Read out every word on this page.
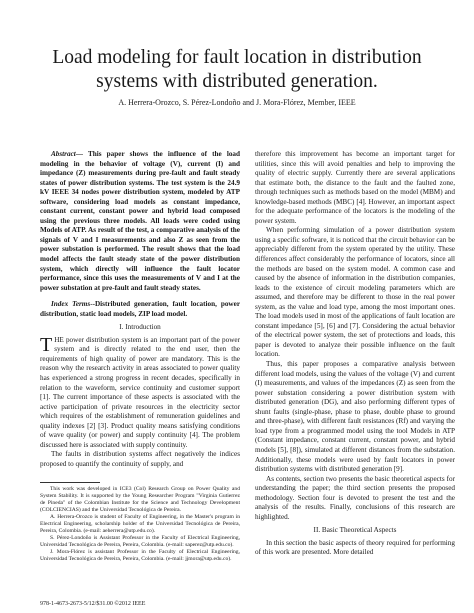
Load modeling for fault location in distribution systems with distributed generation.
A. Herrera-Orozco, S. Pérez-Londoño and J. Mora-Flórez, Member, IEEE

Abstract— This paper shows the influence of the load modeling in the behavior of voltage (V), current (I) and impedance (Z) measurements during pre-fault and fault steady states of power distribution systems. The test system is the 24.9 kV IEEE 34 nodes power distribution system, modeled by ATP software, considering load models as constant impedance, constant current, constant power and hybrid load composed using the previous three models. All loads were coded using Models of ATP. As result of the test, a comparative analysis of the signals of V and I measurements and also Z as seen from the power substation is performed. The result shows that the load model affects the fault steady state of the power distribution system, which directly will influence the fault locator performance, since this uses the measurements of V and I at the power substation at pre-fault and fault steady states.

Index Terms--Distributed generation, fault location, power distribution, static load models, ZIP load model.

I. Introduction

THE power distribution system is an important part of the power system and is directly related to the end user, then the requirements of high quality of power are mandatory. This is the reason why the research activity in areas associated to power quality has experienced a strong progress in recent decades, specifically in relation to the waveform, service continuity and customer support [1]. The current importance of these aspects is associated with the active participation of private resources in the electricity sector which requires of the establishment of remuneration guidelines and quality indexes [2] [3]. Product quality means satisfying conditions of wave quality (or power) and supply continuity [4]. The problem discussed here is associated with supply continuity.

The faults in distribution systems affect negatively the indices proposed to quantify the continuity of supply, and

This work was developed in ICE3 (Col) Research Group on Power Quality and System Stability. It is supported by the Young Researcher Program "Virginia Gutierrez de Pineda" of the Colombian Institute for the Science and Technology Development (COLCIENCIAS) and the Universidad Tecnológica de Pereira.

A. Herrera-Orozco is student of Faculty of Engineering, in the Master's program in Electrical Engineering, scholarship holder of the Universidad Tecnológica de Pereira, Pereira, Colombia. (e-mail: aeherrera@utp.edu.co).

S. Pérez-Londoño is Assistant Professor in the Faculty of Electrical Engineering, Universidad Tecnológica de Pereira, Pereira, Colombia. (e-mail: saperez@utp.edu.co).

J. Mora-Flórez is assistant Professor in the Faculty of Electrical Engineering, Universidad Tecnológica de Pereira, Pereira, Colombia. (e-mail: jjmora@utp.edu.co).

978-1-4673-2673-5/12/$31.00 ©2012 IEEE

therefore this improvement has become an important target for utilities, since this will avoid penalties and help to improving the quality of electric supply. Currently there are several applications that estimate both, the distance to the fault and the faulted zone, through techniques such as methods based on the model (MBM) and knowledge-based methods (MBC) [4]. However, an important aspect for the adequate performance of the locators is the modeling of the power system.

When performing simulation of a power distribution system using a specific software, it is noticed that the circuit behavior can be appreciably different from the system operated by the utility. These differences affect considerably the performance of locators, since all the methods are based on the system model. A common case and caused by the absence of information in the distribution companies, leads to the existence of circuit modeling parameters which are assumed, and therefore may be different to those in the real power system, as the value and load type, among the most important ones. The load models used in most of the applications of fault location are constant impedance [5], [6] and [7]. Considering the actual behavior of the electrical power system, the set of protections and loads, this paper is devoted to analyze their possible influence on the fault location.

Thus, this paper proposes a comparative analysis between different load models, using the values of the voltage (V) and current (I) measurements, and values of the impedances (Z) as seen from the power substation considering a power distribution system with distributed generation (DG), and also performing different types of shunt faults (single-phase, phase to phase, double phase to ground and three-phase), with different fault resistances (Rf) and varying the load type from a programmed model using the tool Models in ATP (Constant impedance, constant current, constant power, and hybrid models [5], [8]), simulated at different distances from the substation. Additionally, these models were used by fault locators in power distribution systems with distributed generation [9].

As contents, section two presents the basic theoretical aspects for understanding the paper; the third section presents the proposed methodology. Section four is devoted to present the test and the analysis of the results. Finally, conclusions of this research are highlighted.

II. Basic Theoretical Aspects

In this section the basic aspects of theory required for performing of this work are presented. More detailed
